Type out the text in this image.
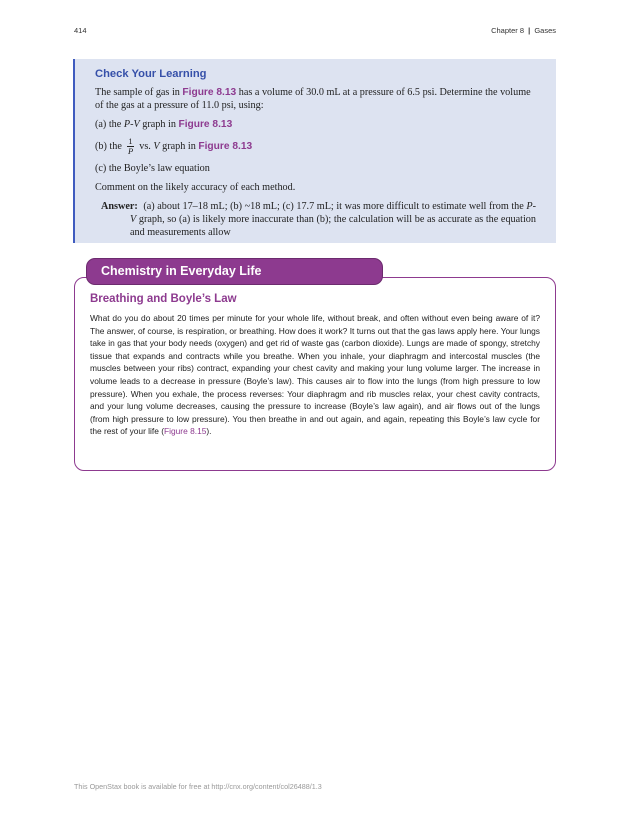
414	Chapter 8 | Gases
Check Your Learning

The sample of gas in Figure 8.13 has a volume of 30.0 mL at a pressure of 6.5 psi. Determine the volume of the gas at a pressure of 11.0 psi, using:

(a) the P-V graph in Figure 8.13

(b) the $\frac{1}{P}$ vs. V graph in Figure 8.13

(c) the Boyle’s law equation

Comment on the likely accuracy of each method.

Answer: (a) about 17–18 mL; (b) ~18 mL; (c) 17.7 mL; it was more difficult to estimate well from the P-V graph, so (a) is likely more inaccurate than (b); the calculation will be as accurate as the equation and measurements allow
Chemistry in Everyday Life
Breathing and Boyle’s Law

What do you do about 20 times per minute for your whole life, without break, and often without even being aware of it? The answer, of course, is respiration, or breathing. How does it work? It turns out that the gas laws apply here. Your lungs take in gas that your body needs (oxygen) and get rid of waste gas (carbon dioxide). Lungs are made of spongy, stretchy tissue that expands and contracts while you breathe. When you inhale, your diaphragm and intercostal muscles (the muscles between your ribs) contract, expanding your chest cavity and making your lung volume larger. The increase in volume leads to a decrease in pressure (Boyle’s law). This causes air to flow into the lungs (from high pressure to low pressure). When you exhale, the process reverses: Your diaphragm and rib muscles relax, your chest cavity contracts, and your lung volume decreases, causing the pressure to increase (Boyle’s law again), and air flows out of the lungs (from high pressure to low pressure). You then breathe in and out again, and again, repeating this Boyle’s law cycle for the rest of your life (Figure 8.15).

This OpenStax book is available for free at http://cnx.org/content/col26488/1.3
